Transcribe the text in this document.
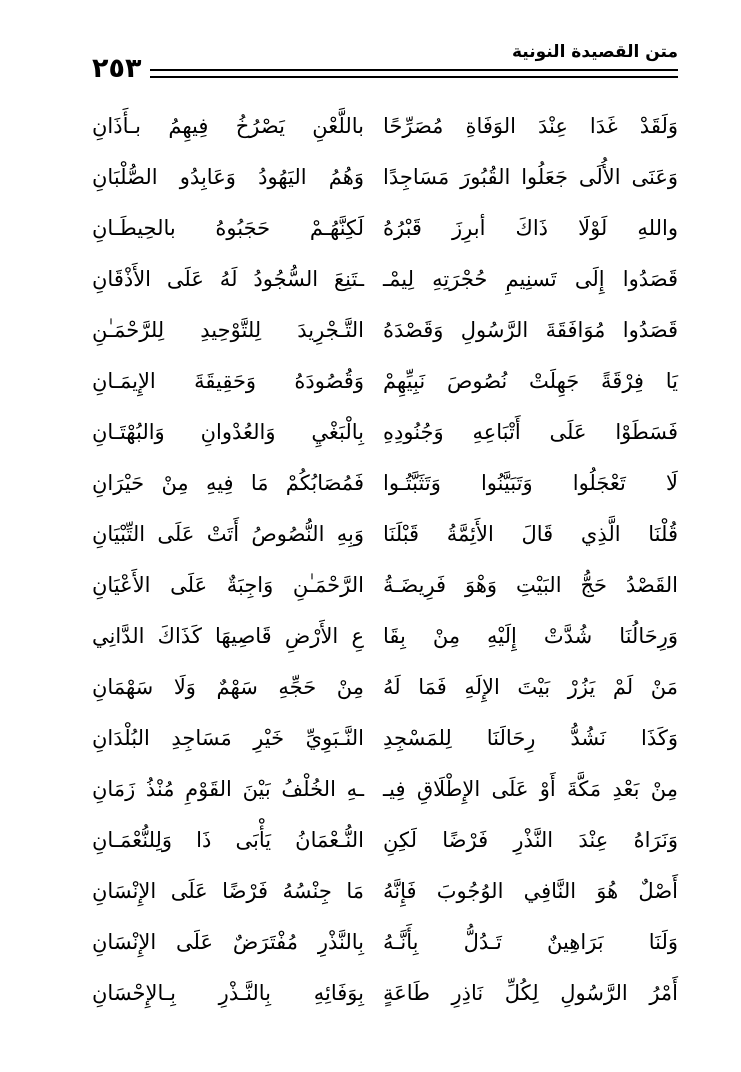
متن القصيدة النونية
٢٥٣
وَلَقَدْ غَدَا عِنْدَ الوَفَاةِ مُصَرِّحًا
باللَّعْنِ يَصْرُخُ فِيهِمُ بـأَذَانِ
وَعَنَى الأُلَى جَعَلُوا القُبُورَ مَسَاجِدًا
وَهُمُ اليَهُودُ وَعَابِدُو الصُّلْبَانِ
واللهِ لَوْلَا ذَاكَ أبرِزَ قَبْرُهُ
لَكِنَّهُـمْ حَجَبُوهُ بالحِيطَـانِ
قَصَدُوا إِلَى تَسنِيمِ حُجْرَتِهِ لِيمْـ
ـتَنِعَ السُّجُودُ لَهُ عَلَى الأَذْقَانِ
قَصَدُوا مُوَافَقَةَ الرَّسُولِ وَقَصْدَهُ
التَّـجْرِيدَ لِلتَّوْحِيدِ لِلرَّحْمَـٰنِ
يَا فِرْقَةً جَهِلَتْ نُصُوصَ نَبِيِّهِمْ
وَقُصُودَهُ وَحَقِيقَةَ الإِيمَـانِ
فَسَطَوْا عَلَى أَتْبَاعِهِ وَجُنُودِهِ
بِالْبَغْيِ وَالعُدْوانِ وَالبُهْتَـانِ
لَا تَعْجَلُوا وَتَبَيَّنُوا وَتَثَبَّتُـوا
فَمُصَابُكُمْ مَا فِيهِ مِنْ حَيْرَانِ
قُلْنَا الَّذِي قَالَ الأَئِمَّةُ قَبْلَنَا
وَبِهِ النُّصُوصُ أَتَتْ عَلَى التِّبْيَانِ
القَصْدُ حَجُّ البَيْتِ وَهْوَ فَرِيضَـةُ
الرَّحْمَـٰنِ وَاجِبَةٌ عَلَى الأَعْيَانِ
وَرِحَالُنَا شُدَّتْ إِلَيْهِ مِنْ بِقَا
عِ الأَرْضِ قَاصِيهَا كَذَاكَ الدَّانِي
مَنْ لَمْ يَزُرْ بَيْتَ الإِلَهِ فَمَا لَهُ
مِنْ حَجِّهِ سَهْمٌ وَلَا سَهْمَانِ
وَكَذَا نَشُدُّ رِحَالَنَا لِلمَسْجِدِ
النَّـبَوِيِّ خَيْرِ مَسَاجِدِ البُلْدَانِ
مِنْ بَعْدِ مَكَّةَ أَوْ عَلَى الإِطْلَاقِ فِيـ
ـهِ الخُلْفُ بَيْنَ القَوْمِ مُنْذُ زَمَانِ
وَنَرَاهُ عِنْدَ النَّذْرِ فَرْضًا لَكِنِ
النُّـعْمَانُ يَأْبَى ذَا وَلِلنُّعْمَـانِ
أَصْلٌ هُوَ النَّافِي الوُجُوبَ فَإِنَّهُ
مَا جِنْسُهُ فَرْضًا عَلَى الإِنْسَانِ
وَلَنَا بَرَاهِينٌ تَـدُلُّ بِأَنَّـهُ
بِالنَّذْرِ مُفْتَرَضٌ عَلَى الإِنْسَانِ
أَمْرُ الرَّسُولِ لِكُلِّ نَاذِرِ طَاعَةٍ
بِوَفَائِهِ بِالنَّـذْرِ بِـالإِحْسَانِ
